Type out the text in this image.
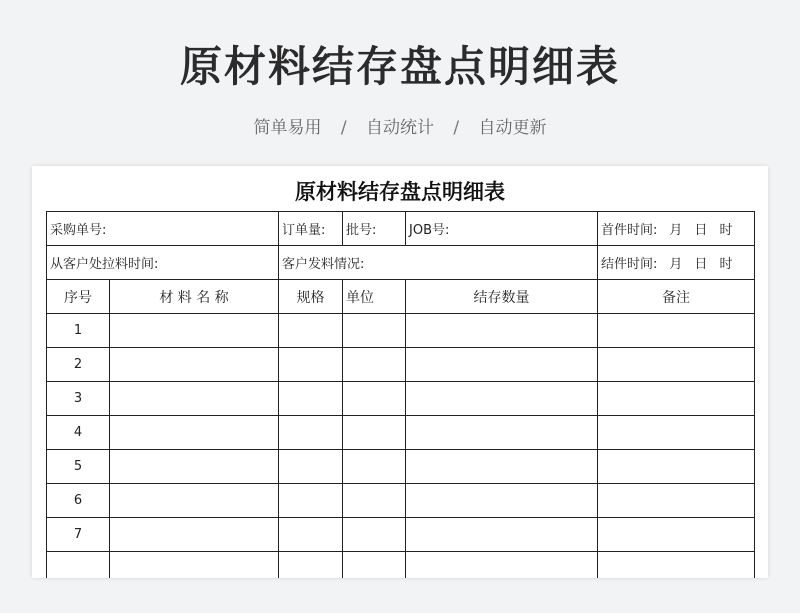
原材料结存盘点明细表
简单易用 / 自动统计 / 自动更新
原材料结存盘点明细表
采购单号:		订单量:	批号:	JOB号:	首件时间: 月 日 时
从客户处拉料时间:		客户发料情况:			结件时间: 月 日 时
序号	材 料 名 称	规格	单位	结存数量	备注
1					
2					
3					
4					
5					
6					
7					
